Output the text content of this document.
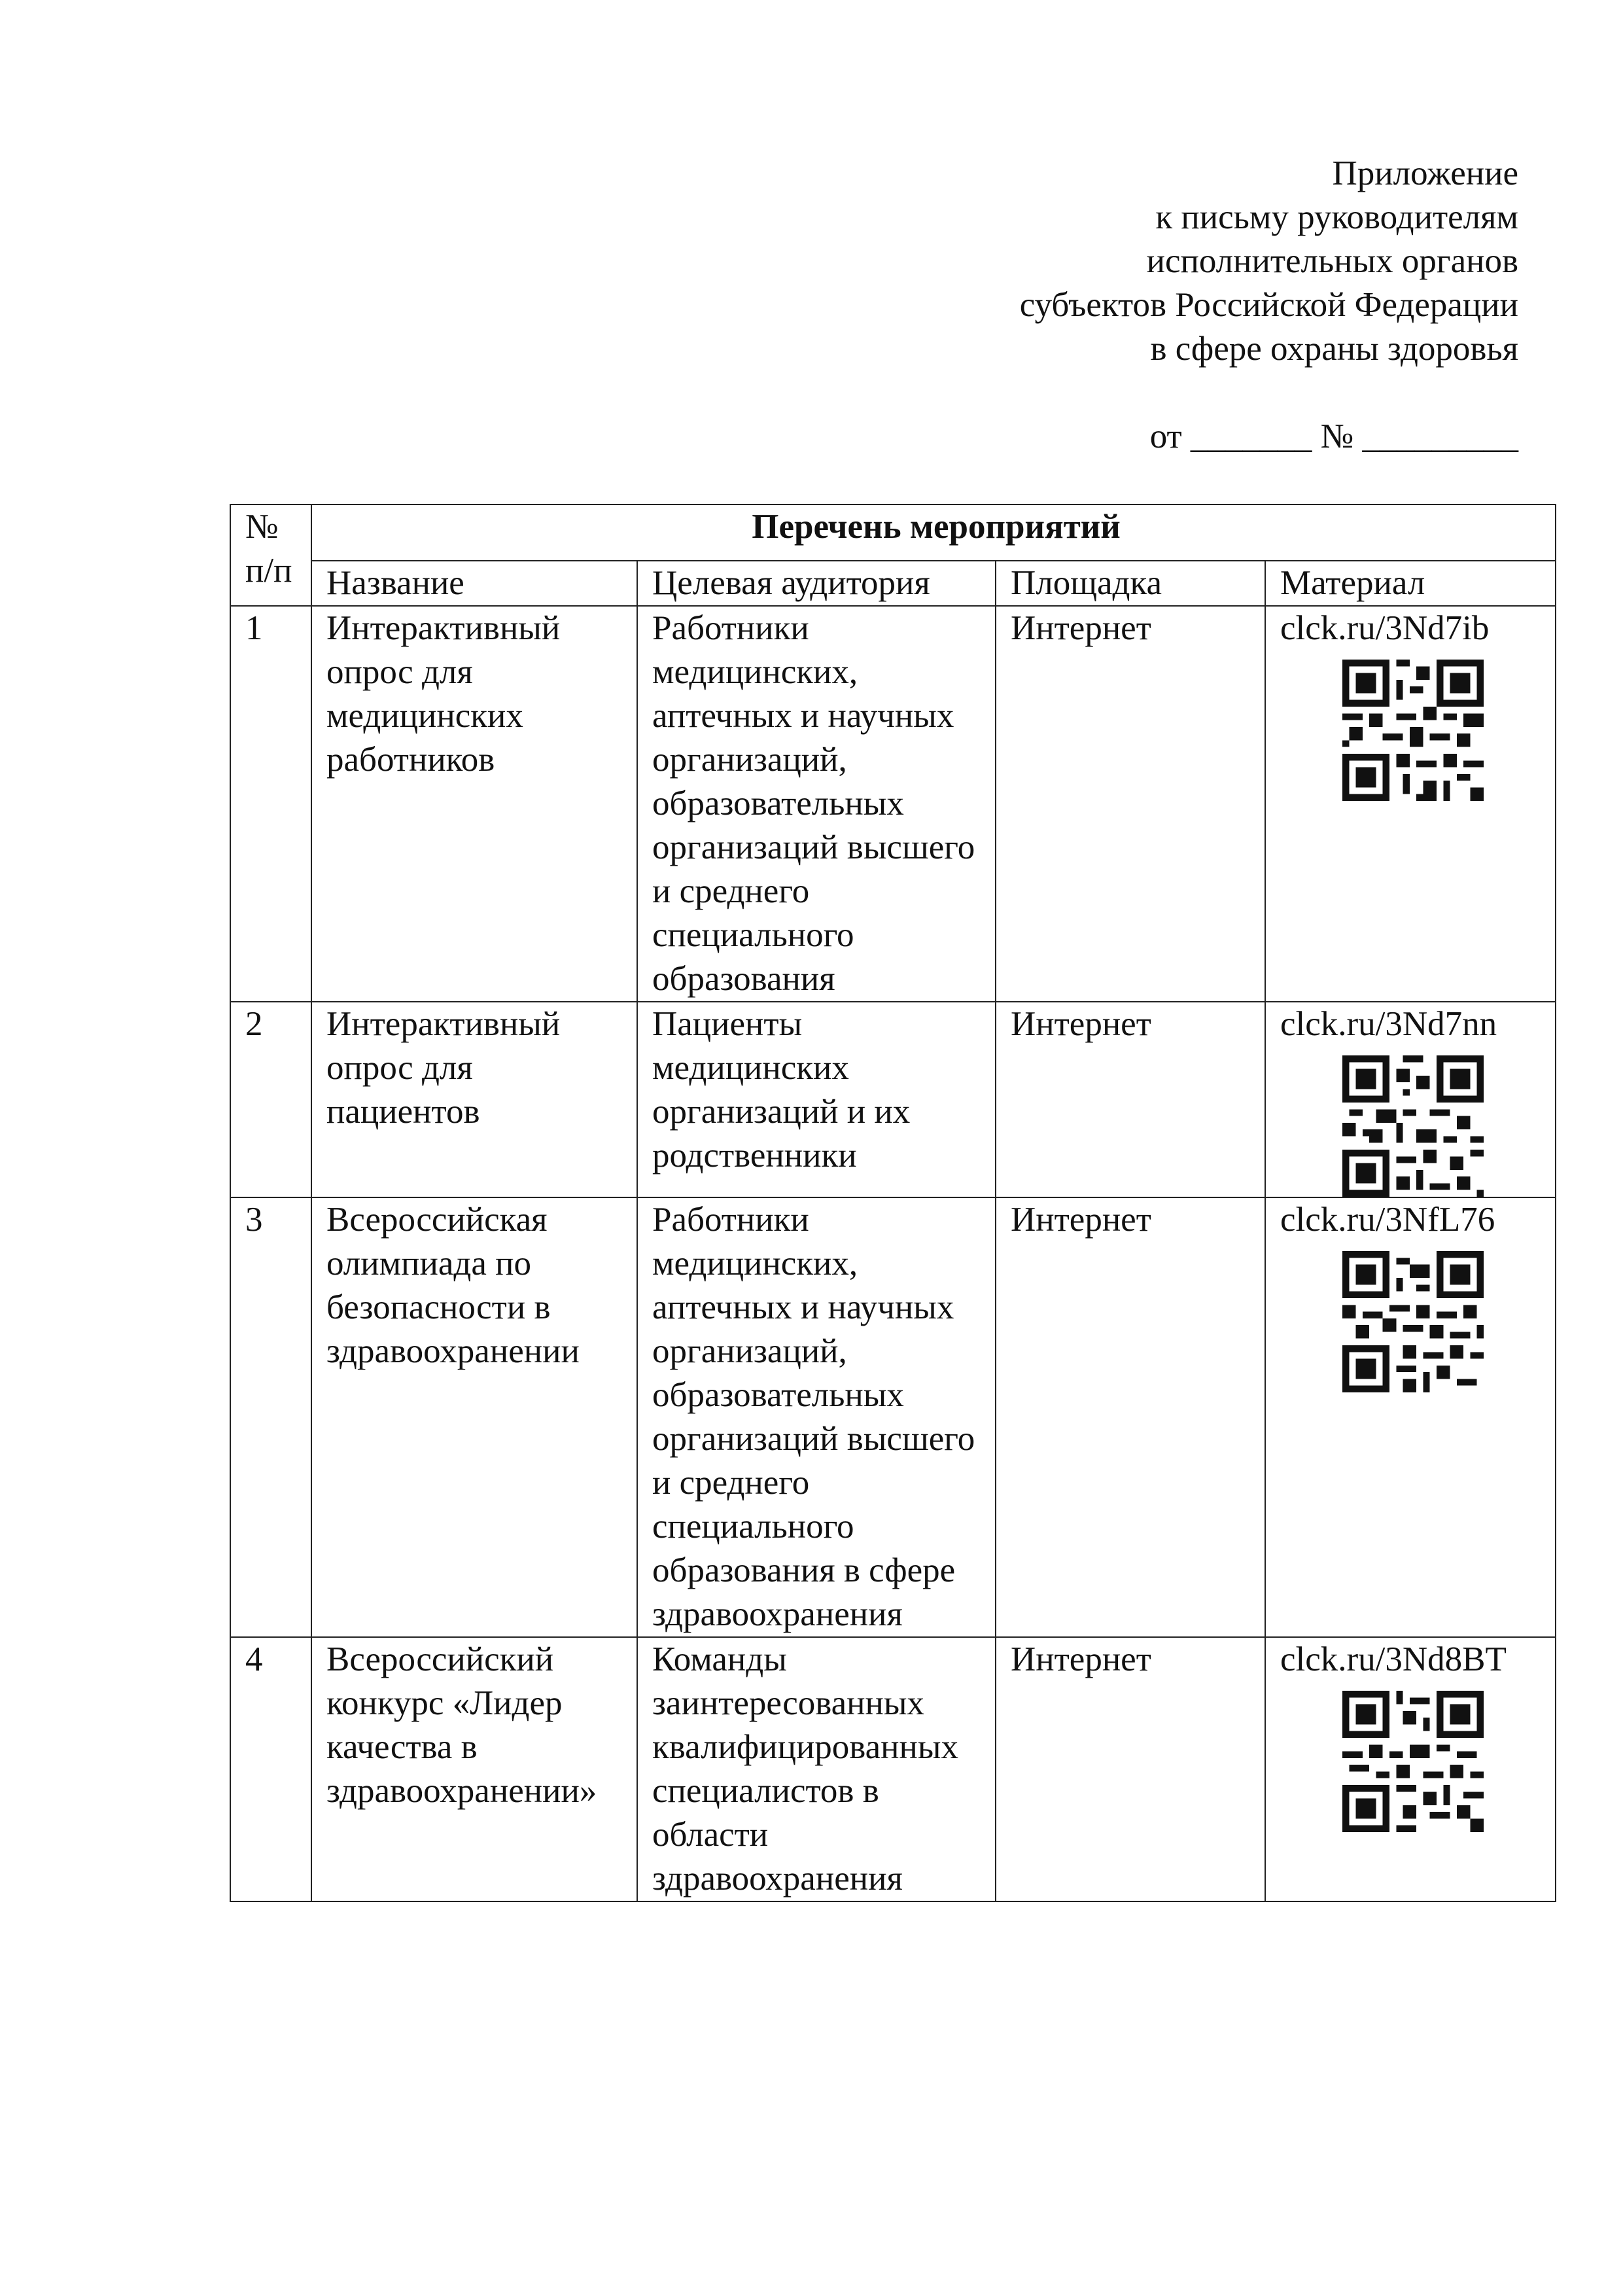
Приложение
к письму руководителям
исполнительных органов
субъектов Российской Федерации
в сфере охраны здоровья
от _______ № _________
№ п/п	Перечень мероприятий			
	Название	Целевая аудитория	Площадка	Материал
1	Интерактивный опрос для медицинских работников	Работники медицинских, аптечных и научных организаций, образовательных организаций высшего и среднего специального образования	Интернет	clck.ru/3Nd7ib

2	Интерактивный опрос для пациентов	Пациенты медицинских организаций и их родственники	Интернет	clck.ru/3Nd7nn

3	Всероссийская олимпиада по безопасности в здравоохранении	Работники медицинских, аптечных и научных организаций, образовательных организаций высшего и среднего специального образования в сфере здравоохранения	Интернет	clck.ru/3NfL76

4	Всероссийский конкурс «Лидер качества в здравоохранении»	Команды заинтересованных квалифицированных специалистов в области здравоохранения	Интернет	clck.ru/3Nd8BT
